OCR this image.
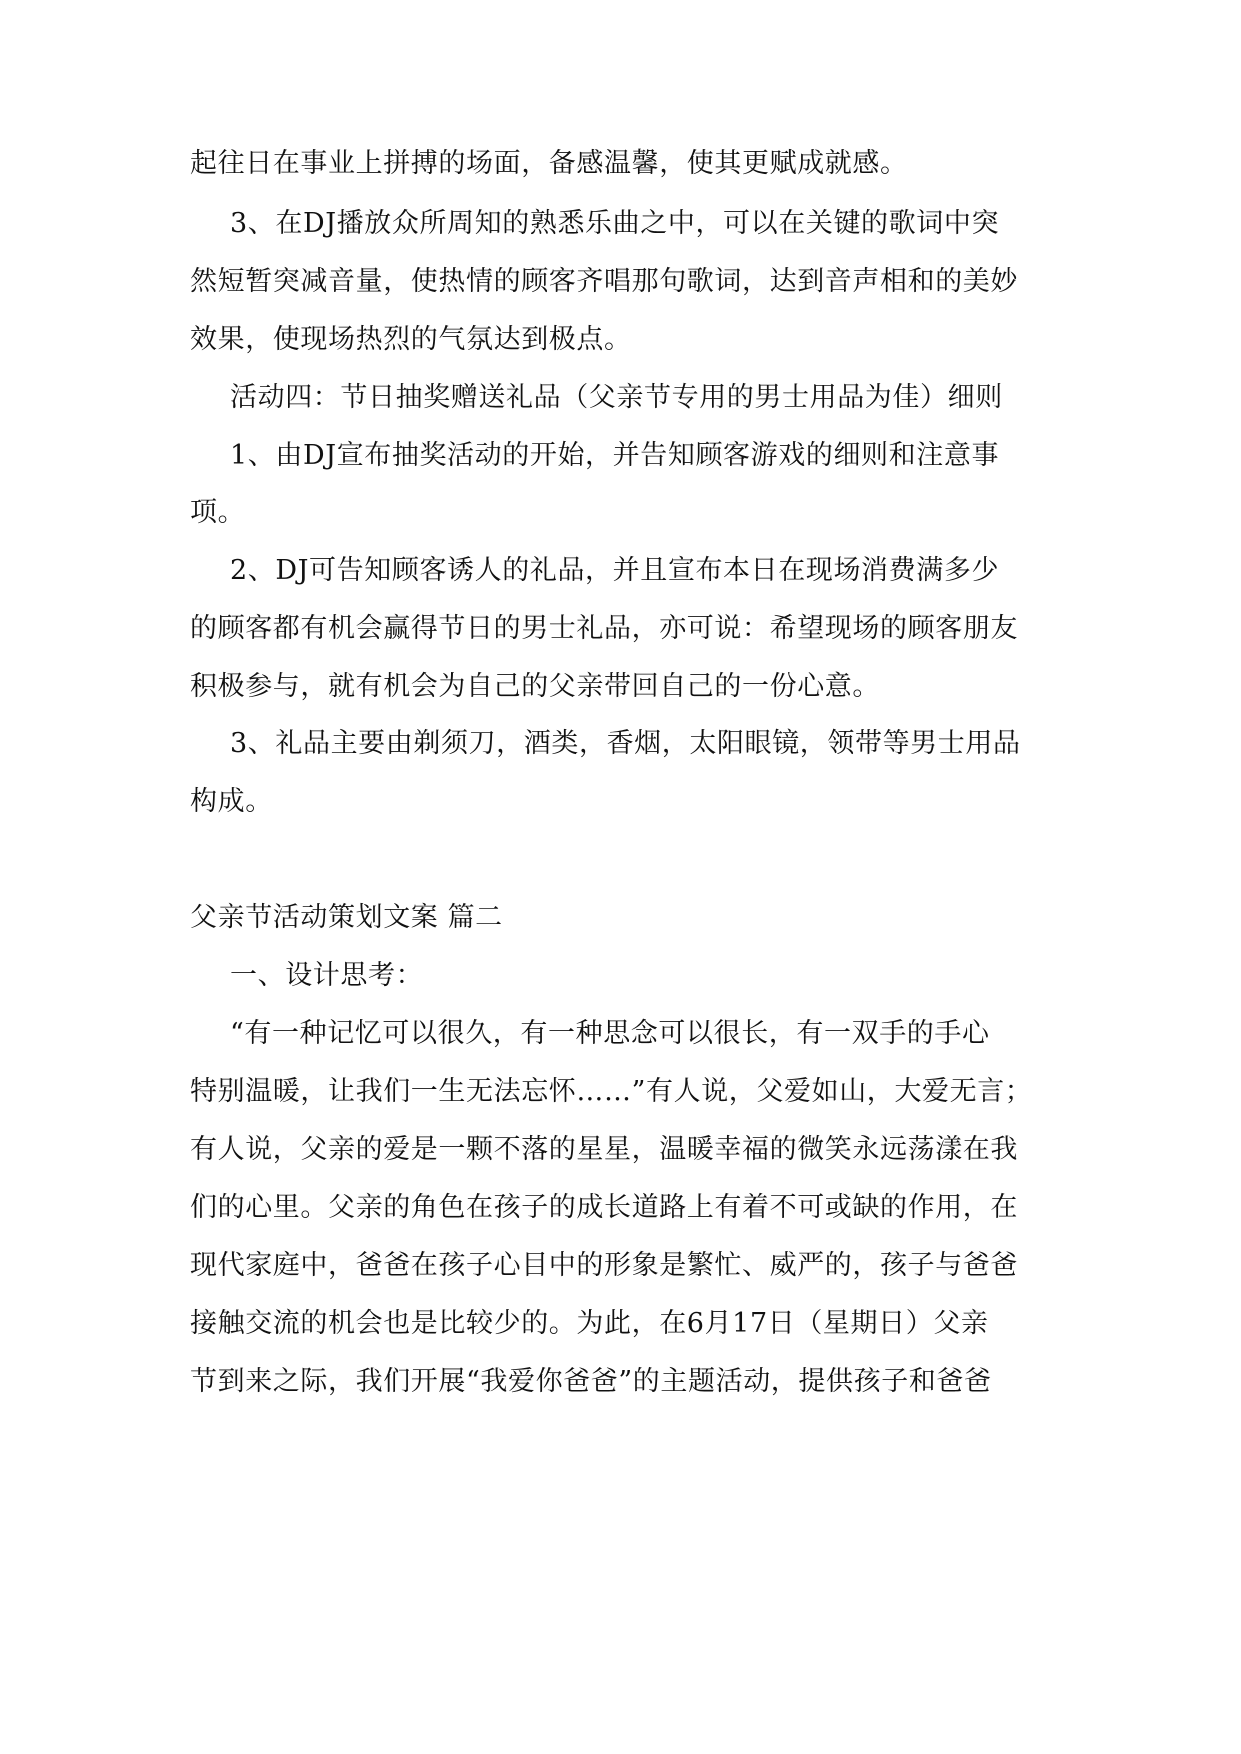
起往日在事业上拼搏的场面，备感温馨，使其更赋成就感。
3、在DJ播放众所周知的熟悉乐曲之中，可以在关键的歌词中突
然短暂突减音量，使热情的顾客齐唱那句歌词，达到音声相和的美妙
效果，使现场热烈的气氛达到极点。
活动四：节日抽奖赠送礼品（父亲节专用的男士用品为佳）细则
1、由DJ宣布抽奖活动的开始，并告知顾客游戏的细则和注意事
项。
2、DJ可告知顾客诱人的礼品，并且宣布本日在现场消费满多少
的顾客都有机会赢得节日的男士礼品，亦可说：希望现场的顾客朋友
积极参与，就有机会为自己的父亲带回自己的一份心意。
3、礼品主要由剃须刀，酒类，香烟，太阳眼镜，领带等男士用品
构成。
父亲节活动策划文案 篇二
一、设计思考：
“有一种记忆可以很久，有一种思念可以很长，有一双手的手心
特别温暖，让我们一生无法忘怀……”有人说，父爱如山，大爱无言；
有人说，父亲的爱是一颗不落的星星，温暖幸福的微笑永远荡漾在我
们的心里。父亲的角色在孩子的成长道路上有着不可或缺的作用，在
现代家庭中，爸爸在孩子心目中的形象是繁忙、威严的，孩子与爸爸
接触交流的机会也是比较少的。为此，在6月17日（星期日）父亲
节到来之际，我们开展“我爱你爸爸”的主题活动，提供孩子和爸爸
